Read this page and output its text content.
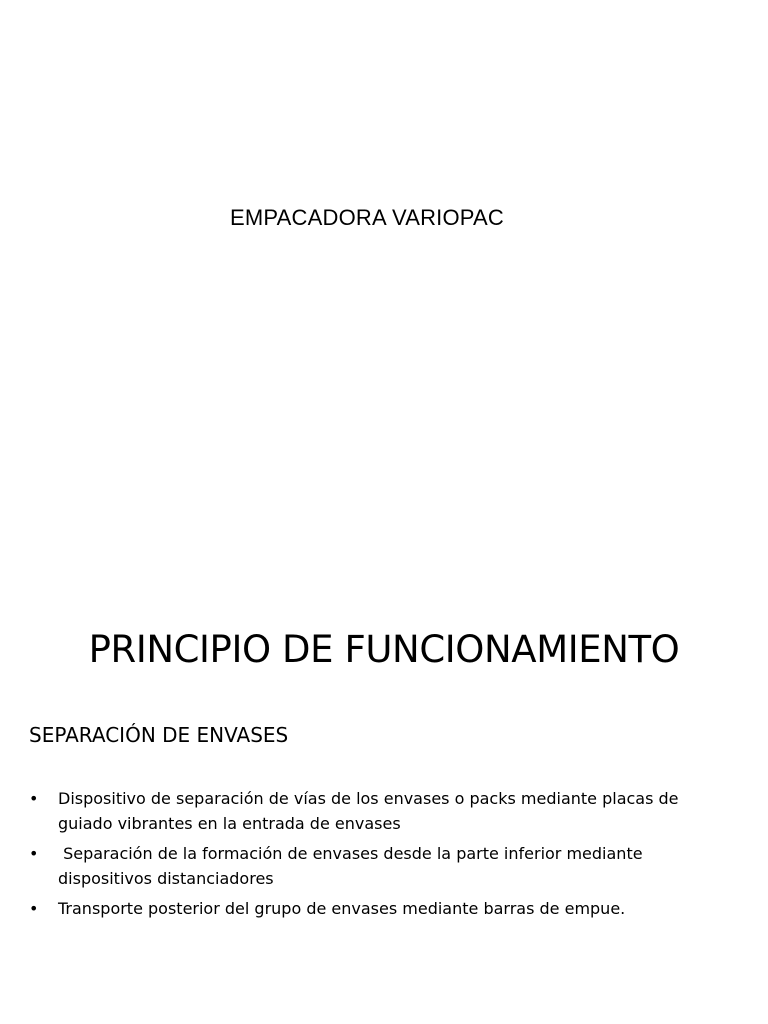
EMPACADORA VARIOPAC
PRINCIPIO DE FUNCIONAMIENTO
SEPARACIÓN DE ENVASES
• Dispositivo de separación de vías de los envases o packs mediante placas de guiado vibrantes en la entrada de envases
• Separación de la formación de envases desde la parte inferior mediante dispositivos distanciadores
• Transporte posterior del grupo de envases mediante barras de empue.
